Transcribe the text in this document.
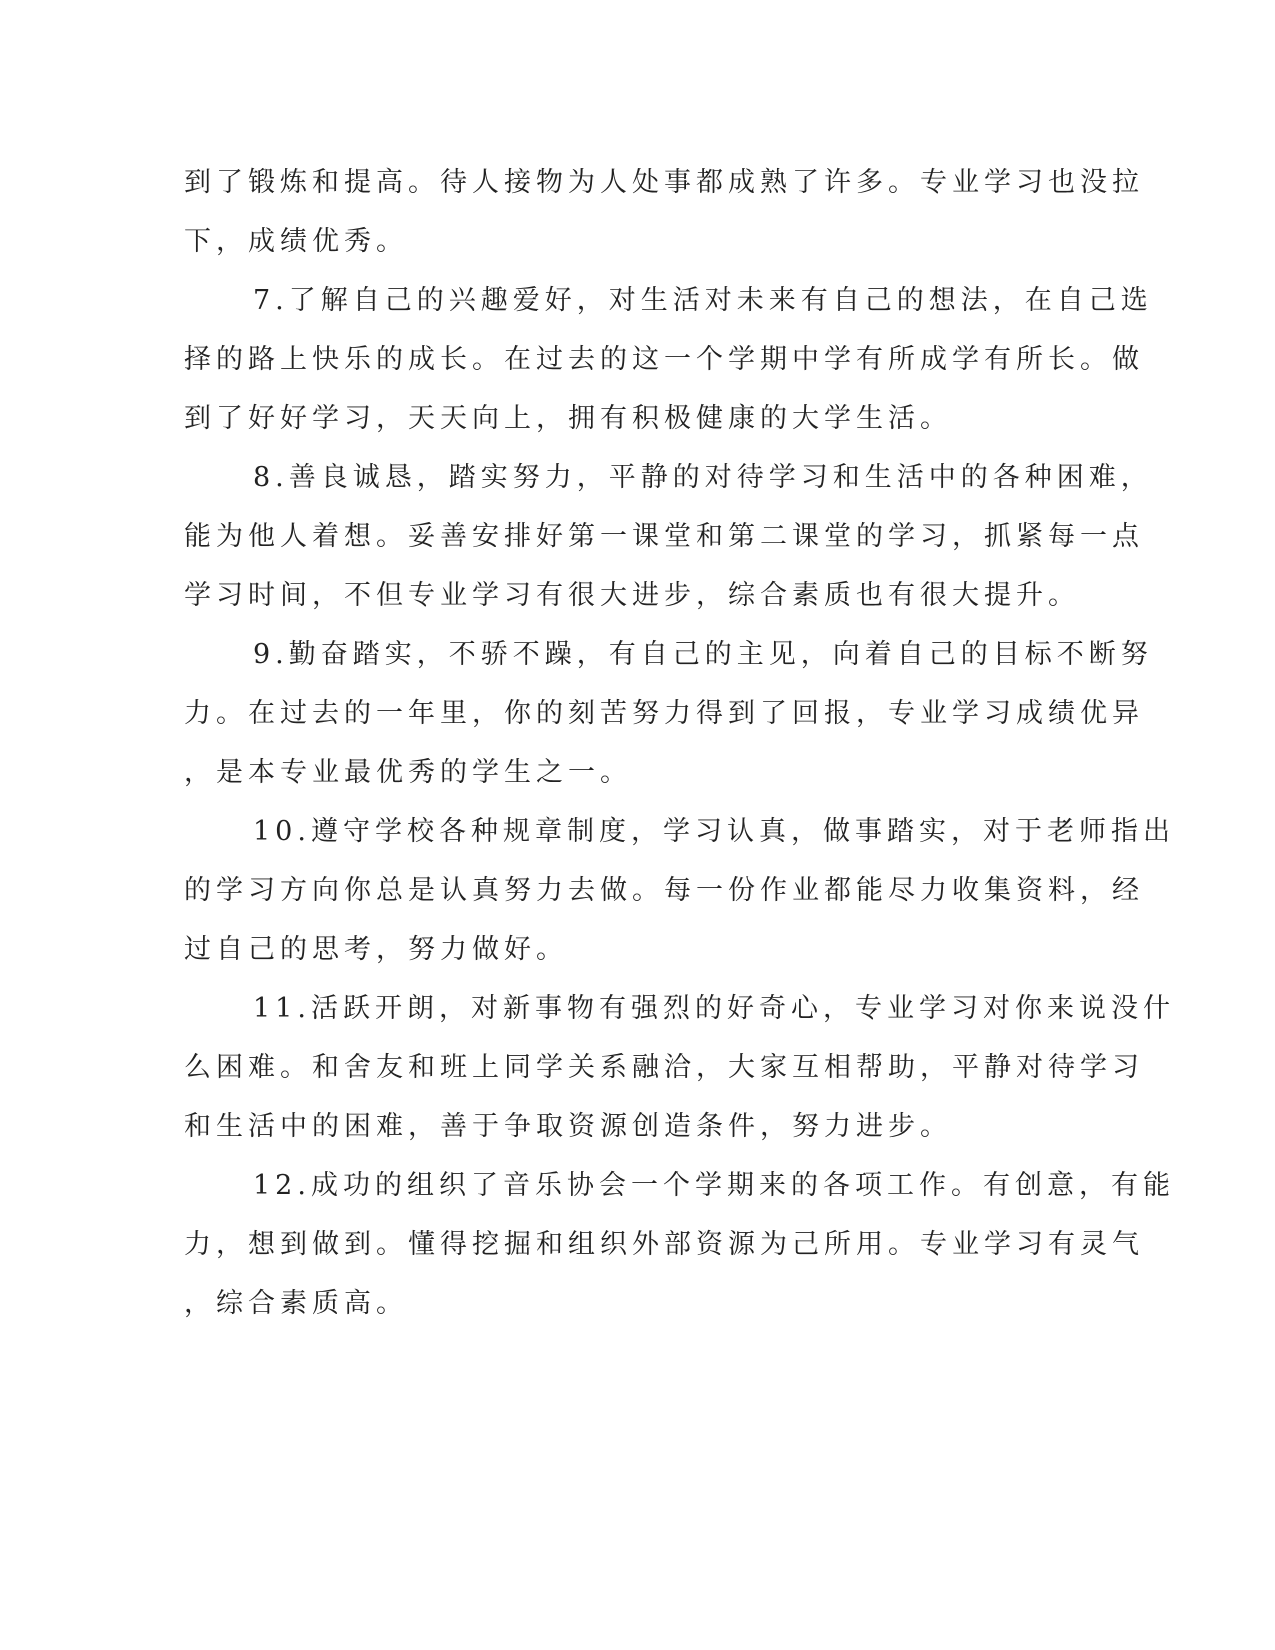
到了锻炼和提高。待人接物为人处事都成熟了许多。专业学习也没拉
下，成绩优秀。
7.了解自己的兴趣爱好，对生活对未来有自己的想法，在自己选
择的路上快乐的成长。在过去的这一个学期中学有所成学有所长。做
到了好好学习，天天向上，拥有积极健康的大学生活。
8.善良诚恳，踏实努力，平静的对待学习和生活中的各种困难，
能为他人着想。妥善安排好第一课堂和第二课堂的学习，抓紧每一点
学习时间，不但专业学习有很大进步，综合素质也有很大提升。
9.勤奋踏实，不骄不躁，有自己的主见，向着自己的目标不断努
力。在过去的一年里，你的刻苦努力得到了回报，专业学习成绩优异
，是本专业最优秀的学生之一。
10.遵守学校各种规章制度，学习认真，做事踏实，对于老师指出
的学习方向你总是认真努力去做。每一份作业都能尽力收集资料，经
过自己的思考，努力做好。
11.活跃开朗，对新事物有强烈的好奇心，专业学习对你来说没什
么困难。和舍友和班上同学关系融洽，大家互相帮助，平静对待学习
和生活中的困难，善于争取资源创造条件，努力进步。
12.成功的组织了音乐协会一个学期来的各项工作。有创意，有能
力，想到做到。懂得挖掘和组织外部资源为己所用。专业学习有灵气
，综合素质高。
